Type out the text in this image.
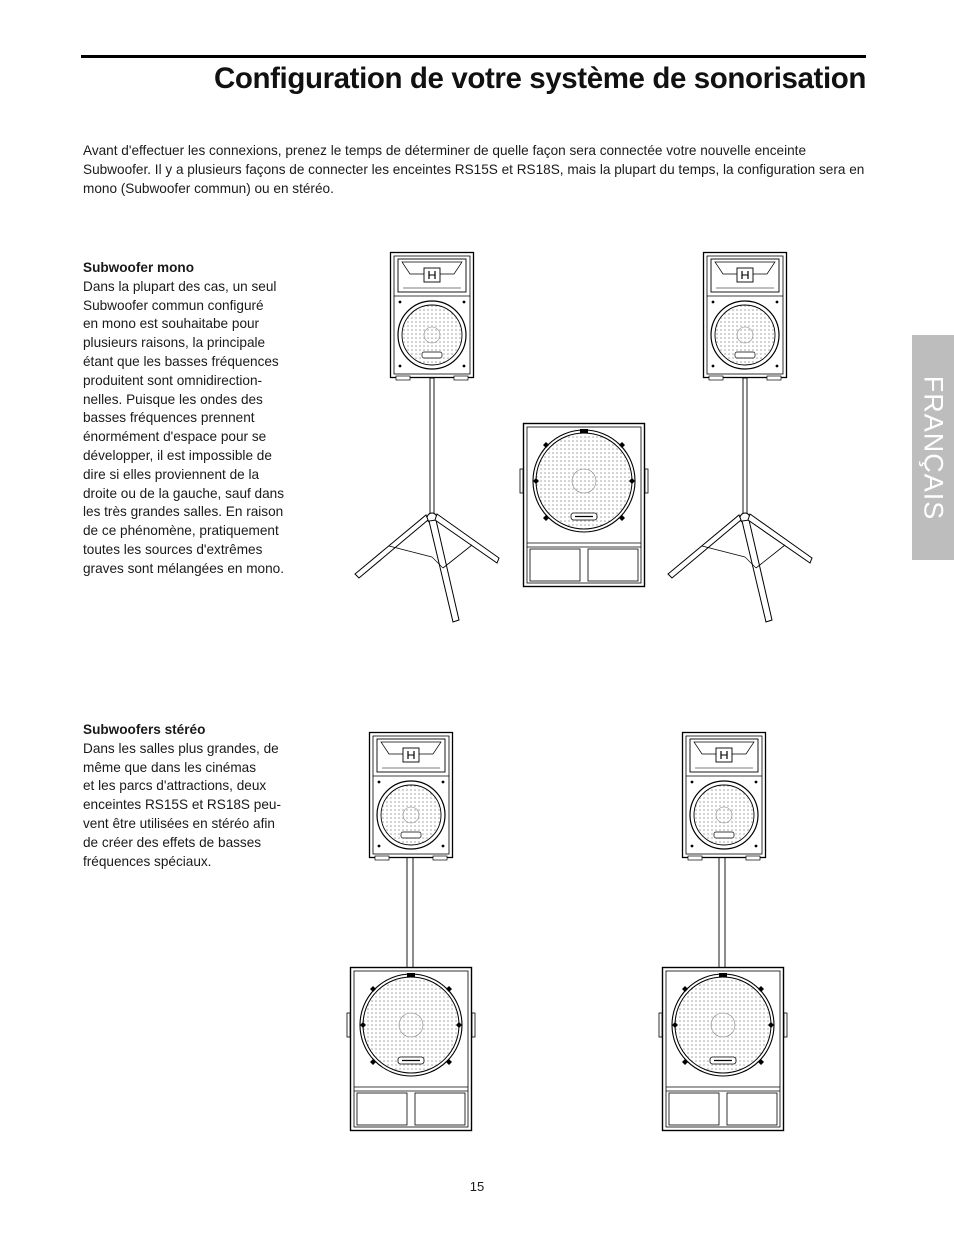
Configuration de votre système de sonorisation

Avant d'effectuer les connexions, prenez le temps de déterminer de quelle façon sera connectée votre nouvelle enceinte Subwoofer. Il y a plusieurs façons de connecter les enceintes RS15S et RS18S, mais la plupart du temps, la configuration sera en mono (Subwoofer commun) ou en stéréo.

Subwoofer mono

Dans la plupart des cas, un seul
Subwoofer commun configuré
en mono est souhaitabe pour
plusieurs raisons, la principale
étant que les basses fréquences
produitent sont omnidirection-
nelles. Puisque les ondes des
basses fréquences prennent
énormément d'espace pour se
développer, il est impossible de
dire si elles proviennent de la
droite ou de la gauche, sauf dans
les très grandes salles. En raison
de ce phénomène, pratiquement
toutes les sources d'extrêmes
graves sont mélangées en mono.

Subwoofers stéréo

Dans les salles plus grandes, de
même que dans les cinémas
et les parcs d'attractions, deux
enceintes RS15S et RS18S peu-
vent être utilisées en stéréo afin
de créer des effets de basses
fréquences spéciaux.

FRANÇAIS
15
